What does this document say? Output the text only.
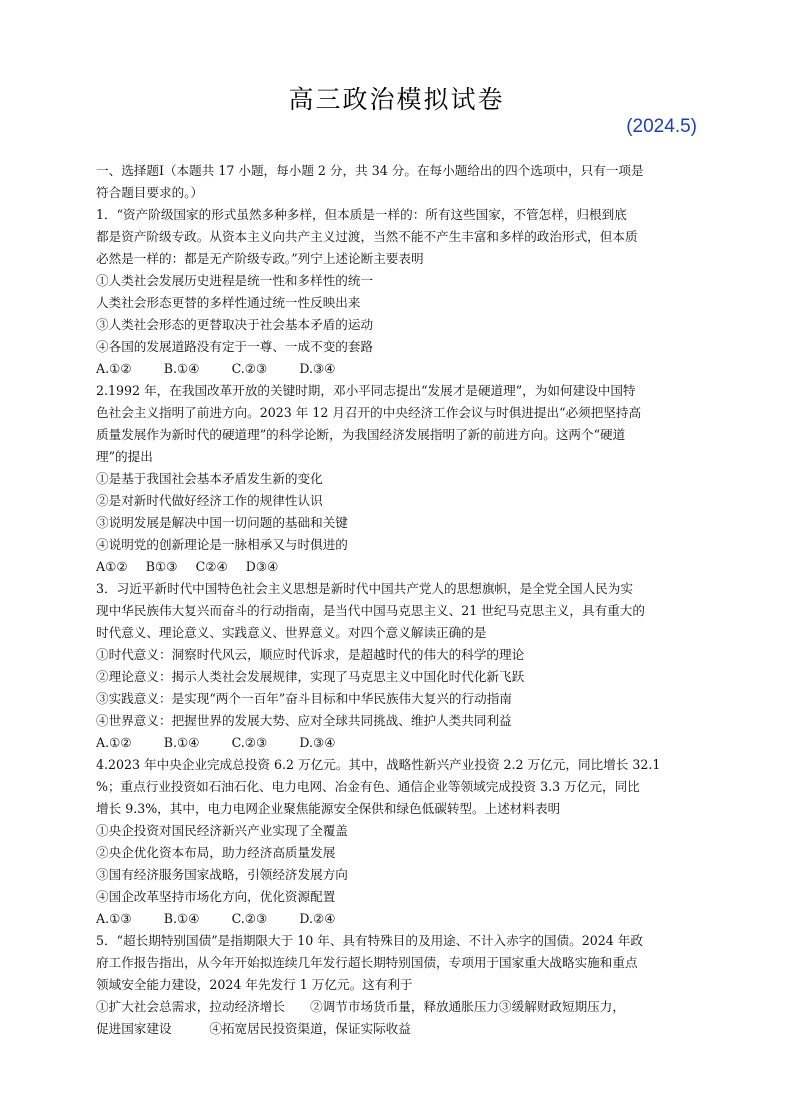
高三政治模拟试卷
(2024.5)
一、选择题Ⅰ（本题共 17 小题，每小题 2 分，共 34 分。在每小题给出的四个选项中，只有一项是
符合题目要求的。）
1．“资产阶级国家的形式虽然多种多样，但本质是一样的：所有这些国家，不管怎样，归根到底
都是资产阶级专政。从资本主义向共产主义过渡，当然不能不产生丰富和多样的政治形式，但本质
必然是一样的：都是无产阶级专政。”列宁上述论断主要表明
①人类社会发展历史进程是统一性和多样性的统一
人类社会形态更替的多样性通过统一性反映出来
③人类社会形态的更替取决于社会基本矛盾的运动
④各国的发展道路没有定于一尊、一成不变的套路
A.①②	B.①④	C.②③	D.③④
2.1992 年，在我国改革开放的关键时期，邓小平同志提出“发展才是硬道理”，为如何建设中国特
色社会主义指明了前进方向。2023 年 12 月召开的中央经济工作会议与时俱进提出“必须把坚持高
质量发展作为新时代的硬道理”的科学论断，为我国经济发展指明了新的前进方向。这两个“硬道
理”的提出
①是基于我国社会基本矛盾发生新的变化
②是对新时代做好经济工作的规律性认识
③说明发展是解决中国一切问题的基础和关键
④说明党的创新理论是一脉相承又与时俱进的
A①② B①③ C②④ D③④
3．习近平新时代中国特色社会主义思想是新时代中国共产党人的思想旗帜，是全党全国人民为实
现中华民族伟大复兴而奋斗的行动指南，是当代中国马克思主义、21 世纪马克思主义，具有重大的
时代意义、理论意义、实践意义、世界意义。对四个意义解读正确的是
①时代意义：洞察时代风云，顺应时代诉求，是超越时代的伟大的科学的理论
②理论意义：揭示人类社会发展规律，实现了马克思主义中国化时代化新飞跃
③实践意义：是实现“两个一百年”奋斗目标和中华民族伟大复兴的行动指南
④世界意义：把握世界的发展大势、应对全球共同挑战、维护人类共同利益
A.①②	B.①④	C.②③	D.③④
4.2023 年中央企业完成总投资 6.2 万亿元。其中，战略性新兴产业投资 2.2 万亿元，同比增长 32.1
%；重点行业投资如石油石化、电力电网、冶金有色、通信企业等领域完成投资 3.3 万亿元，同比
增长 9.3%，其中，电力电网企业聚焦能源安全保供和绿色低碳转型。上述材料表明
①央企投资对国民经济新兴产业实现了全覆盖
②央企优化资本布局，助力经济高质量发展
③国有经济服务国家战略，引领经济发展方向
④国企改革坚持市场化方向，优化资源配置
A.①③	B.①④	C.②③	D.②④
5．“超长期特别国债”是指期限大于 10 年、具有特殊目的及用途、不计入赤字的国债。2024 年政
府工作报告指出，从今年开始拟连续几年发行超长期特别国债，专项用于国家重大战略实施和重点
领域安全能力建设，2024 年先发行 1 万亿元。这有利于
①扩大社会总需求，拉动经济增长　　②调节市场货币量，释放通胀压力③缓解财政短期压力，
促进国家建设　　　④拓宽居民投资渠道，保证实际收益
